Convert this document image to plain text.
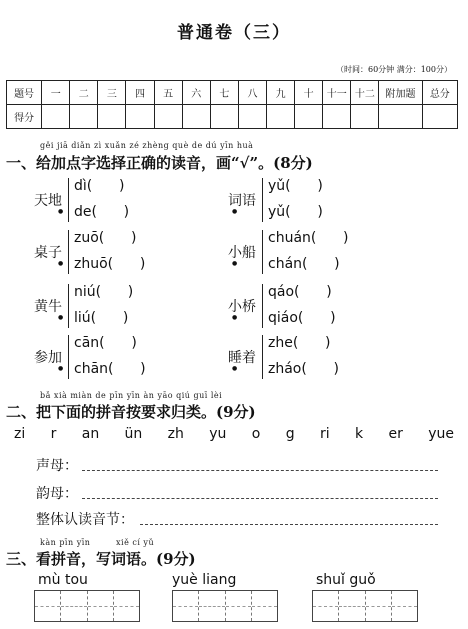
普通卷（三）
（时间：60分钟 满分：100分）
题号	一	二	三	四	五	六	七	八	九	十	十一	十二	附加题	总分
得分														
gěi jiā diǎn zì xuǎn zé zhèng què de dú yīn huà
一、给加点字选择正确的读音，画“√”。(8分)
天地
●
dì(      )
de(      )
词语
●
yǔ(      )
yǔ(      )
桌子
●
zuō(      )
zhuō(      )
小船
●
chuán(      )
chán(      )
黄牛
●
niú(      )
liú(      )
小桥
●
qáo(      )
qiáo(      )
参加
●
cān(      )
chān(      )
睡着
●
zhe(      )
zháo(      )
bǎ xià miàn de pīn yīn àn yāo qiú guī lèi
二、把下面的拼音按要求归类。(9分)
zi r an ün zh yu o g ri k er yue
声母：
韵母：
整体认读音节：
kàn pīn yīn	xiě cí yǔ
三、看拼音，写词语。(9分)
mù tou	yuè liang	shuǐ guǒ
